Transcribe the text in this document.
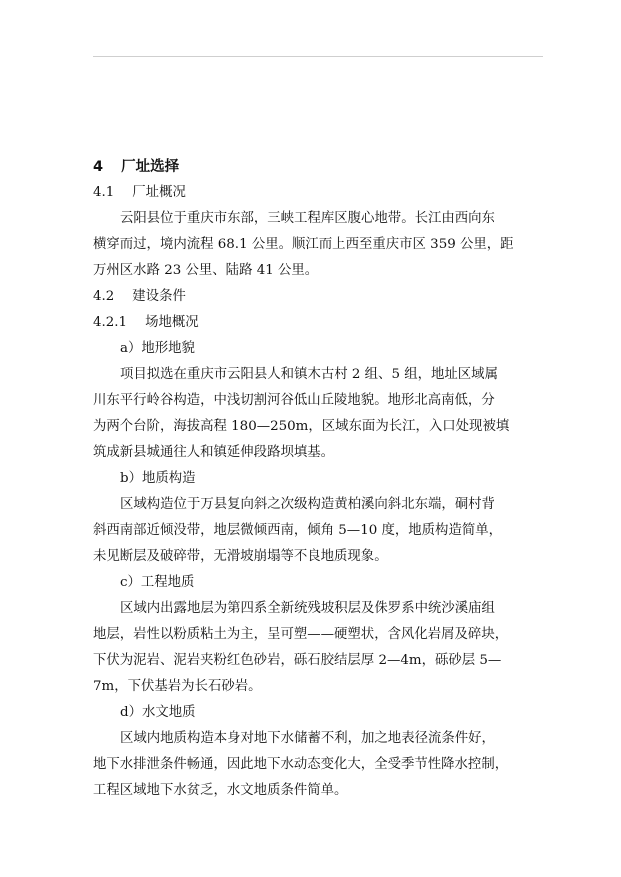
4 厂址选择
4.1 厂址概况
云阳县位于重庆市东部，三峡工程库区腹心地带。长江由西向东
横穿而过，境内流程 68.1 公里。顺江而上西至重庆市区 359 公里，距
万州区水路 23 公里、陆路 41 公里。
4.2 建设条件
4.2.1 场地概况
a）地形地貌
项目拟选在重庆市云阳县人和镇木古村 2 组、5 组，地址区域属
川东平行岭谷构造，中浅切割河谷低山丘陵地貌。地形北高南低，分
为两个台阶，海拔高程 180—250m，区域东面为长江，入口处现被填
筑成新县城通往人和镇延伸段路坝填基。
b）地质构造
区域构造位于万县复向斜之次级构造黄柏溪向斜北东端，硐村背
斜西南部近倾没带，地层微倾西南，倾角 5—10 度，地质构造简单，
未见断层及破碎带，无滑坡崩塌等不良地质现象。
c）工程地质
区域内出露地层为第四系全新统残坡积层及侏罗系中统沙溪庙组
地层，岩性以粉质粘土为主，呈可塑——硬塑状，含风化岩屑及碎块，
下伏为泥岩、泥岩夹粉红色砂岩，砾石胶结层厚 2—4m，砾砂层 5—
7m，下伏基岩为长石砂岩。
d）水文地质
区域内地质构造本身对地下水储蓄不利，加之地表径流条件好，
地下水排泄条件畅通，因此地下水动态变化大，全受季节性降水控制，
工程区域地下水贫乏，水文地质条件简单。
